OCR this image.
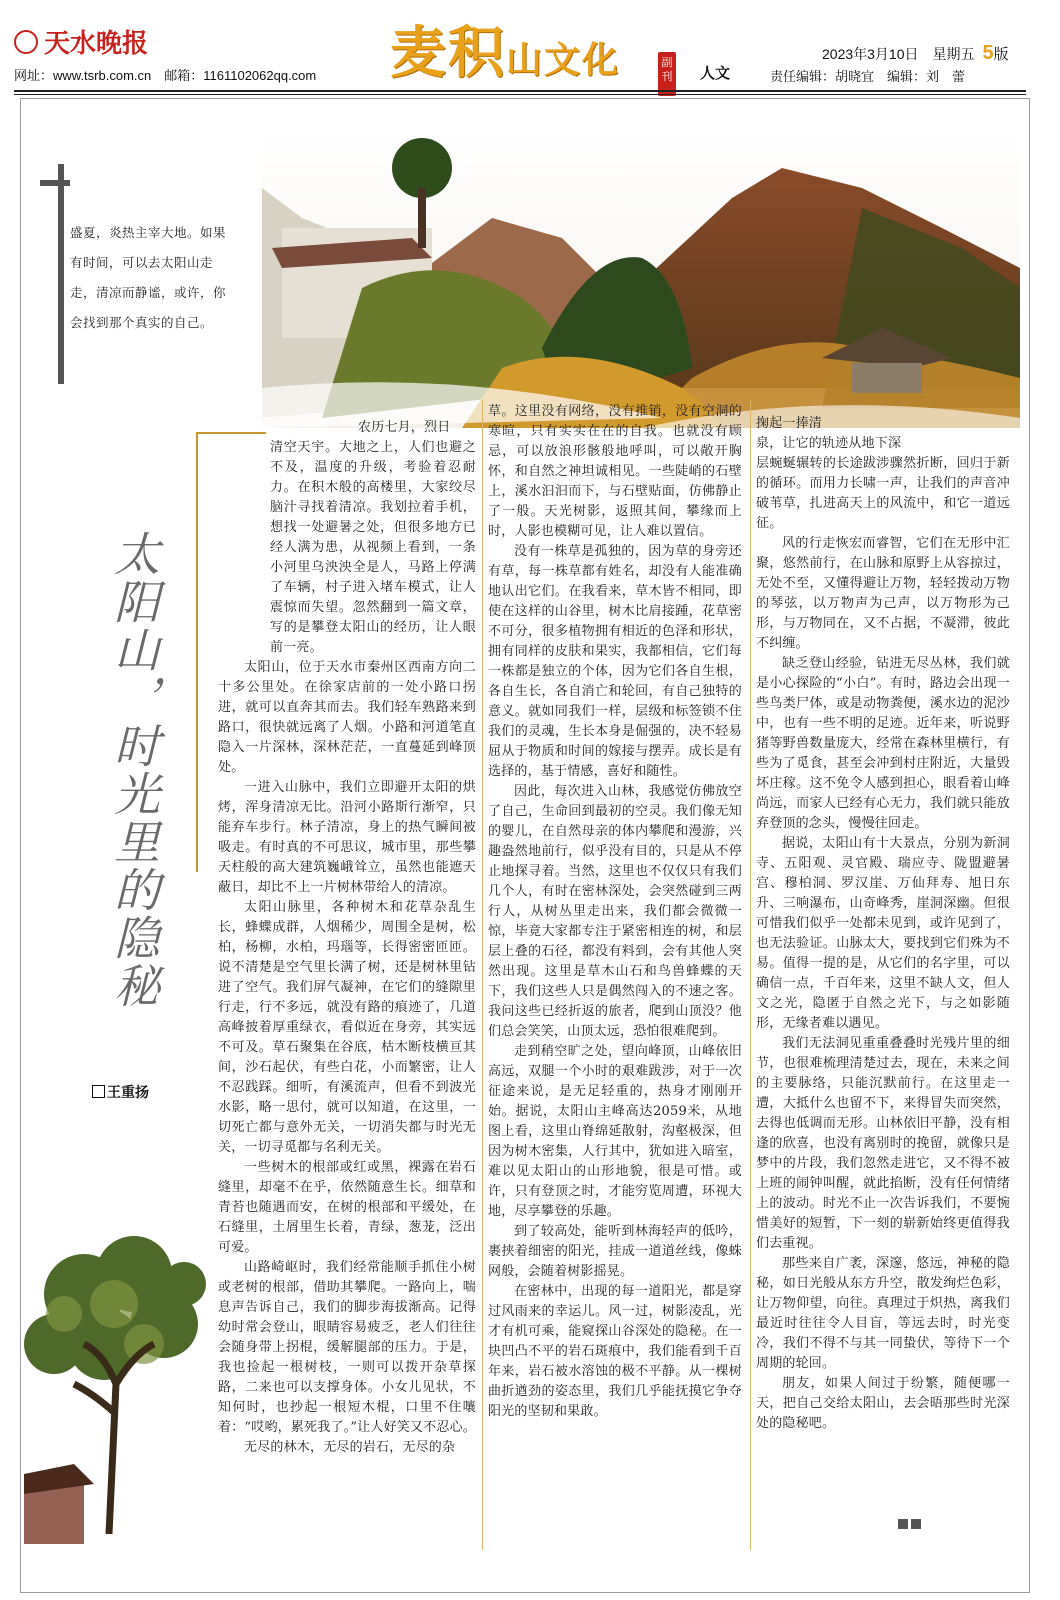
天水晚报
网址：www.tsrb.com.cn　邮箱：1161102062qq.com 麦积山文化	副刊 人文
2023年3月10日　星期五 5版
责任编辑：胡晓宜　编辑：刘　蕾
盛夏，炎热主宰大地。如果有时间，可以去太阳山走走，清凉而静谧，或许，你会找到那个真实的自己。
太阳山，时光里的隐秘
王重扬

农历七月，烈日

清空天宇。大地之上，人们也避之不及，温度的升级，考验着忍耐力。在积木般的高楼里，大家绞尽脑汁寻找着清凉。我划拉着手机，想找一处避暑之处，但很多地方已经人满为患，从视频上看到，一条小河里乌泱泱全是人，马路上停满了车辆，村子进入堵车模式，让人震惊而失望。忽然翻到一篇文章，写的是攀登太阳山的经历，让人眼前一亮。

太阳山，位于天水市秦州区西南方向二十多公里处。在徐家店前的一处小路口拐进，就可以直奔其而去。我们轻车熟路来到路口，很快就远离了人烟。小路和河道笔直隐入一片深林，深林茫茫，一直蔓延到峰顶处。

一进入山脉中，我们立即避开太阳的烘烤，浑身清凉无比。沿河小路斯行渐窄，只能弃车步行。林子清凉，身上的热气瞬间被吸走。有时真的不可思议，城市里，那些攀天柱般的高大建筑巍峨耸立，虽然也能遮天蔽日，却比不上一片树林带给人的清凉。

太阳山脉里，各种树木和花草杂乱生长，蜂蝶成群，人烟稀少，周围全是树，松柏，杨柳，水柏，玛瑙等，长得密密匝匝。说不清楚是空气里长满了树，还是树林里钻进了空气。我们屏气凝神，在它们的缝隙里行走，行不多远，就没有路的痕迹了，几道高峰披着厚重绿衣，看似近在身旁，其实远不可及。草石聚集在谷底，枯木断枝横亘其间，沙石起伏，有些白花，小而繁密，让人不忍践踩。细听，有溪流声，但看不到波光水影，略一思付，就可以知道，在这里，一切死亡都与意外无关，一切消失都与时光无关，一切寻觅都与名利无关。

一些树木的根部或红或黑，裸露在岩石缝里，却毫不在乎，依然随意生长。细草和青苔也随遇而安，在树的根部和平缓处，在石缝里，土屑里生长着，青绿，葱茏，泛出可爱。

山路崎岖时，我们经常能顺手抓住小树或老树的根部，借助其攀爬。一路向上，喘息声告诉自己，我们的脚步海拔渐高。记得幼时常会登山，眼睛容易疲乏，老人们往往会随身带上拐棍，缓解腿部的压力。于是，我也捡起一根树枝，一则可以拨开杂草探路，二来也可以支撑身体。小女儿见状，不知何时，也抄起一根短木棍，口里不住嚷着：“哎哟，累死我了。”让人好笑又不忍心。

无尽的林木，无尽的岩石，无尽的杂

草。这里没有网络，没有推销，没有空洞的寒暄，只有实实在在的自我。也就没有顾忌，可以放浪形骸般地呼叫，可以敞开胸怀，和自然之神坦诚相见。一些陡峭的石壁上，溪水汩汩而下，与石壁贴面，仿佛静止了一般。天光树影，返照其间，攀缘而上时，人影也模糊可见，让人难以置信。

没有一株草是孤独的，因为草的身旁还有草，每一株草都有姓名，却没有人能准确地认出它们。在我看来，草木皆不相同，即使在这样的山谷里，树木比肩接踵，花草密不可分，很多植物拥有相近的色泽和形状，拥有同样的皮肤和果实，我都相信，它们每一株都是独立的个体，因为它们各自生根，各自生长，各自消亡和轮回，有自己独特的意义。就如同我们一样，层级和标签锁不住我们的灵魂，生长本身是倔强的，决不轻易屈从于物质和时间的嫁接与摆弄。成长是有选择的，基于情感，喜好和随性。

因此，每次进入山林，我感觉仿佛放空了自己，生命回到最初的空灵。我们像无知的婴儿，在自然母亲的体内攀爬和漫游，兴趣盎然地前行，似乎没有目的，只是从不停止地探寻着。当然，这里也不仅仅只有我们几个人，有时在密林深处，会突然碰到三两行人，从树丛里走出来，我们都会微微一惊，毕竟大家都专注于紧密相连的树，和层层上叠的石径，都没有料到，会有其他人突然出现。这里是草木山石和鸟兽蜂蝶的天下，我们这些人只是偶然闯入的不速之客。我问这些已经折返的旅者，爬到山顶没？他们总会笑笑，山顶太远，恐怕很难爬到。

走到稍空旷之处，望向峰顶，山峰依旧高远，双腿一个小时的艰难跋涉，对于一次征途来说，是无足轻重的，热身才刚刚开始。据说，太阳山主峰高达2059米，从地图上看，这里山脊绵延散射，沟壑极深，但因为树木密集，人行其中，犹如进入暗室，难以见太阳山的山形地貌，很是可惜。或许，只有登顶之时，才能穷览周遭，环视大地，尽享攀登的乐趣。

到了较高处，能听到林海轻声的低吟，裹挟着细密的阳光，挂成一道道丝线，像蛛网般，会随着树影摇晃。

在密林中，出现的每一道阳光，都是穿过风雨来的幸运儿。风一过，树影凌乱，光才有机可乘，能窥探山谷深处的隐秘。在一块凹凸不平的岩石斑痕中，我们能看到千百年来，岩石被水溶蚀的极不平静。从一棵树曲折遒劲的姿态里，我们几乎能抚摸它争夺阳光的坚韧和果敢。

掬起一捧清

泉，让它的轨迹从地下深

层蜿蜒辗转的长途跋涉骤然折断，回归于新的循环。而用力长啸一声，让我们的声音冲破苇草，扎进高天上的风流中，和它一道远征。

风的行走恢宏而睿智，它们在无形中汇聚，悠然前行，在山脉和原野上从容掠过，无处不至，又懂得避让万物，轻轻拨动万物的琴弦，以万物声为己声，以万物形为己形，与万物同在，又不占据，不凝滞，彼此不纠缠。

缺乏登山经验，钻进无尽丛林，我们就是小心探险的“小白”。有时，路边会出现一些鸟类尸体，或是动物粪便，溪水边的泥沙中，也有一些不明的足迹。近年来，听说野猪等野兽数量庞大，经常在森林里横行，有些为了觅食，甚至会冲到村庄附近，大量毁坏庄稼。这不免令人感到担心，眼看着山峰尚远，而家人已经有心无力，我们就只能放弃登顶的念头，慢慢往回走。

据说，太阳山有十大景点，分别为新洞寺、五阳观、灵官殿、瑞应寺、陇盟避暑宫、穆柏洞、罗汉崖、万仙拜寿、旭日东升、三响瀑布，山奇峰秀，崖洞深幽。但很可惜我们似乎一处都未见到，或许见到了，也无法验证。山脉太大，要找到它们殊为不易。值得一提的是，从它们的名字里，可以确信一点，千百年来，这里不缺人文，但人文之光，隐匿于自然之光下，与之如影随形，无缘者难以遇见。

我们无法洞见重重叠叠时光残片里的细节，也很难梳理清楚过去，现在，未来之间的主要脉络，只能沉默前行。在这里走一遭，大抵什么也留不下，来得冒失而突然，去得也低调而无形。山林依旧平静，没有相逢的欣喜，也没有离别时的挽留，就像只是梦中的片段，我们忽然走进它，又不得不被上班的闹钟叫醒，就此掐断，没有任何情绪上的波动。时光不止一次告诉我们，不要惋惜美好的短暂，下一刻的崭新始终更值得我们去重视。

那些来自广袤，深邃，悠远，神秘的隐秘，如日光般从东方升空，散发绚烂色彩，让万物仰望，向往。真理过于炽热，离我们最近时往往令人目盲，等远去时，时光变冷，我们不得不与其一同蛰伏，等待下一个周期的轮回。

朋友，如果人间过于纷繁，随便哪一天，把自己交给太阳山，去会晤那些时光深处的隐秘吧。
